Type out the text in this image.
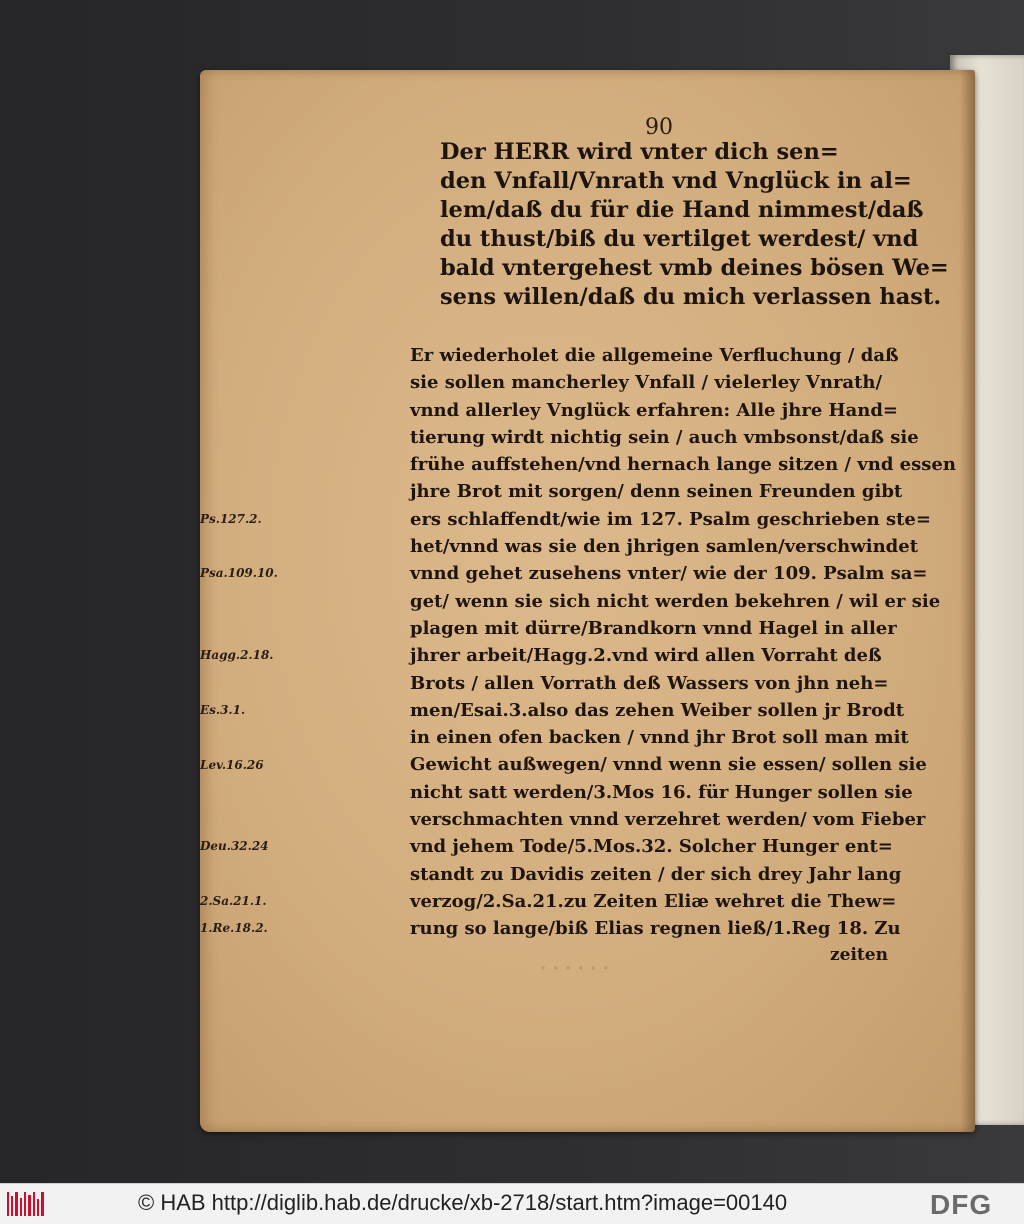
· · · · · ·
90
Der HERR wird vnter dich sen=
den Vnfall/Vnrath vnd Vnglück in al=
lem/daß du für die Hand nimmest/daß
du thust/biß du vertilget werdest/ vnd
bald vntergehest vmb deines bösen We=
sens willen/daß du mich verlassen hast.
Ps.127.2.
Psa.109.10.
Hagg.2.18.
Es.3.1.
Lev.16.26
Deu.32.24
2.Sa.21.1.
1.Re.18.2.
Er wiederholet die allgemeine Verfluchung / daß
sie sollen mancherley Vnfall / vielerley Vnrath/
vnnd allerley Vnglück erfahren: Alle jhre Hand=
tierung wirdt nichtig sein / auch vmbsonst/daß sie
frühe auffstehen/vnd hernach lange sitzen / vnd essen
jhre Brot mit sorgen/ denn seinen Freunden gibt
ers schlaffendt/wie im 127. Psalm geschrieben ste=
het/vnnd was sie den jhrigen samlen/verschwindet
vnnd gehet zusehens vnter/ wie der 109. Psalm sa=
get/ wenn sie sich nicht werden bekehren / wil er sie
plagen mit dürre/Brandkorn vnnd Hagel in aller
jhrer arbeit/Hagg.2.vnd wird allen Vorraht deß
Brots / allen Vorrath deß Wassers von jhn neh=
men/Esai.3.also das zehen Weiber sollen jr Brodt
in einen ofen backen / vnnd jhr Brot soll man mit
Gewicht außwegen/ vnnd wenn sie essen/ sollen sie
nicht satt werden/3.Mos 16. für Hunger sollen sie
verschmachten vnnd verzehret werden/ vom Fieber
vnd jehem Tode/5.Mos.32. Solcher Hunger ent=
standt zu Davidis zeiten / der sich drey Jahr lang
verzog/2.Sa.21.zu Zeiten Eliæ wehret die Thew=
rung so lange/biß Elias regnen ließ/1.Reg 18. Zu
zeiten
© HAB http://diglib.hab.de/drucke/xb-2718/start.htm?image=00140	DFG
